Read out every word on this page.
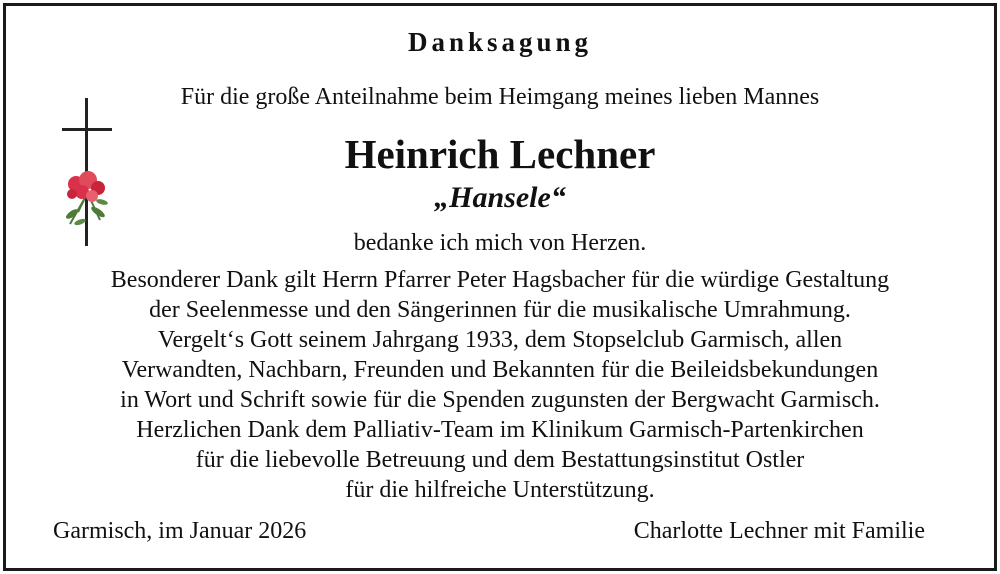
Danksagung
Für die große Anteilnahme beim Heimgang meines lieben Mannes
Heinrich Lechner
„Hansele“
bedanke ich mich von Herzen.
Besonderer Dank gilt Herrn Pfarrer Peter Hagsbacher für die würdige Gestaltung
der Seelenmesse und den Sängerinnen für die musikalische Umrahmung.
Vergelt‘s Gott seinem Jahrgang 1933, dem Stopselclub Garmisch, allen
Verwandten, Nachbarn, Freunden und Bekannten für die Beileidsbekundungen
in Wort und Schrift sowie für die Spenden zugunsten der Bergwacht Garmisch.
Herzlichen Dank dem Palliativ-Team im Klinikum Garmisch-Partenkirchen
für die liebevolle Betreuung und dem Bestattungsinstitut Ostler
für die hilfreiche Unterstützung.
Garmisch, im Januar 2026	Charlotte Lechner mit Familie
